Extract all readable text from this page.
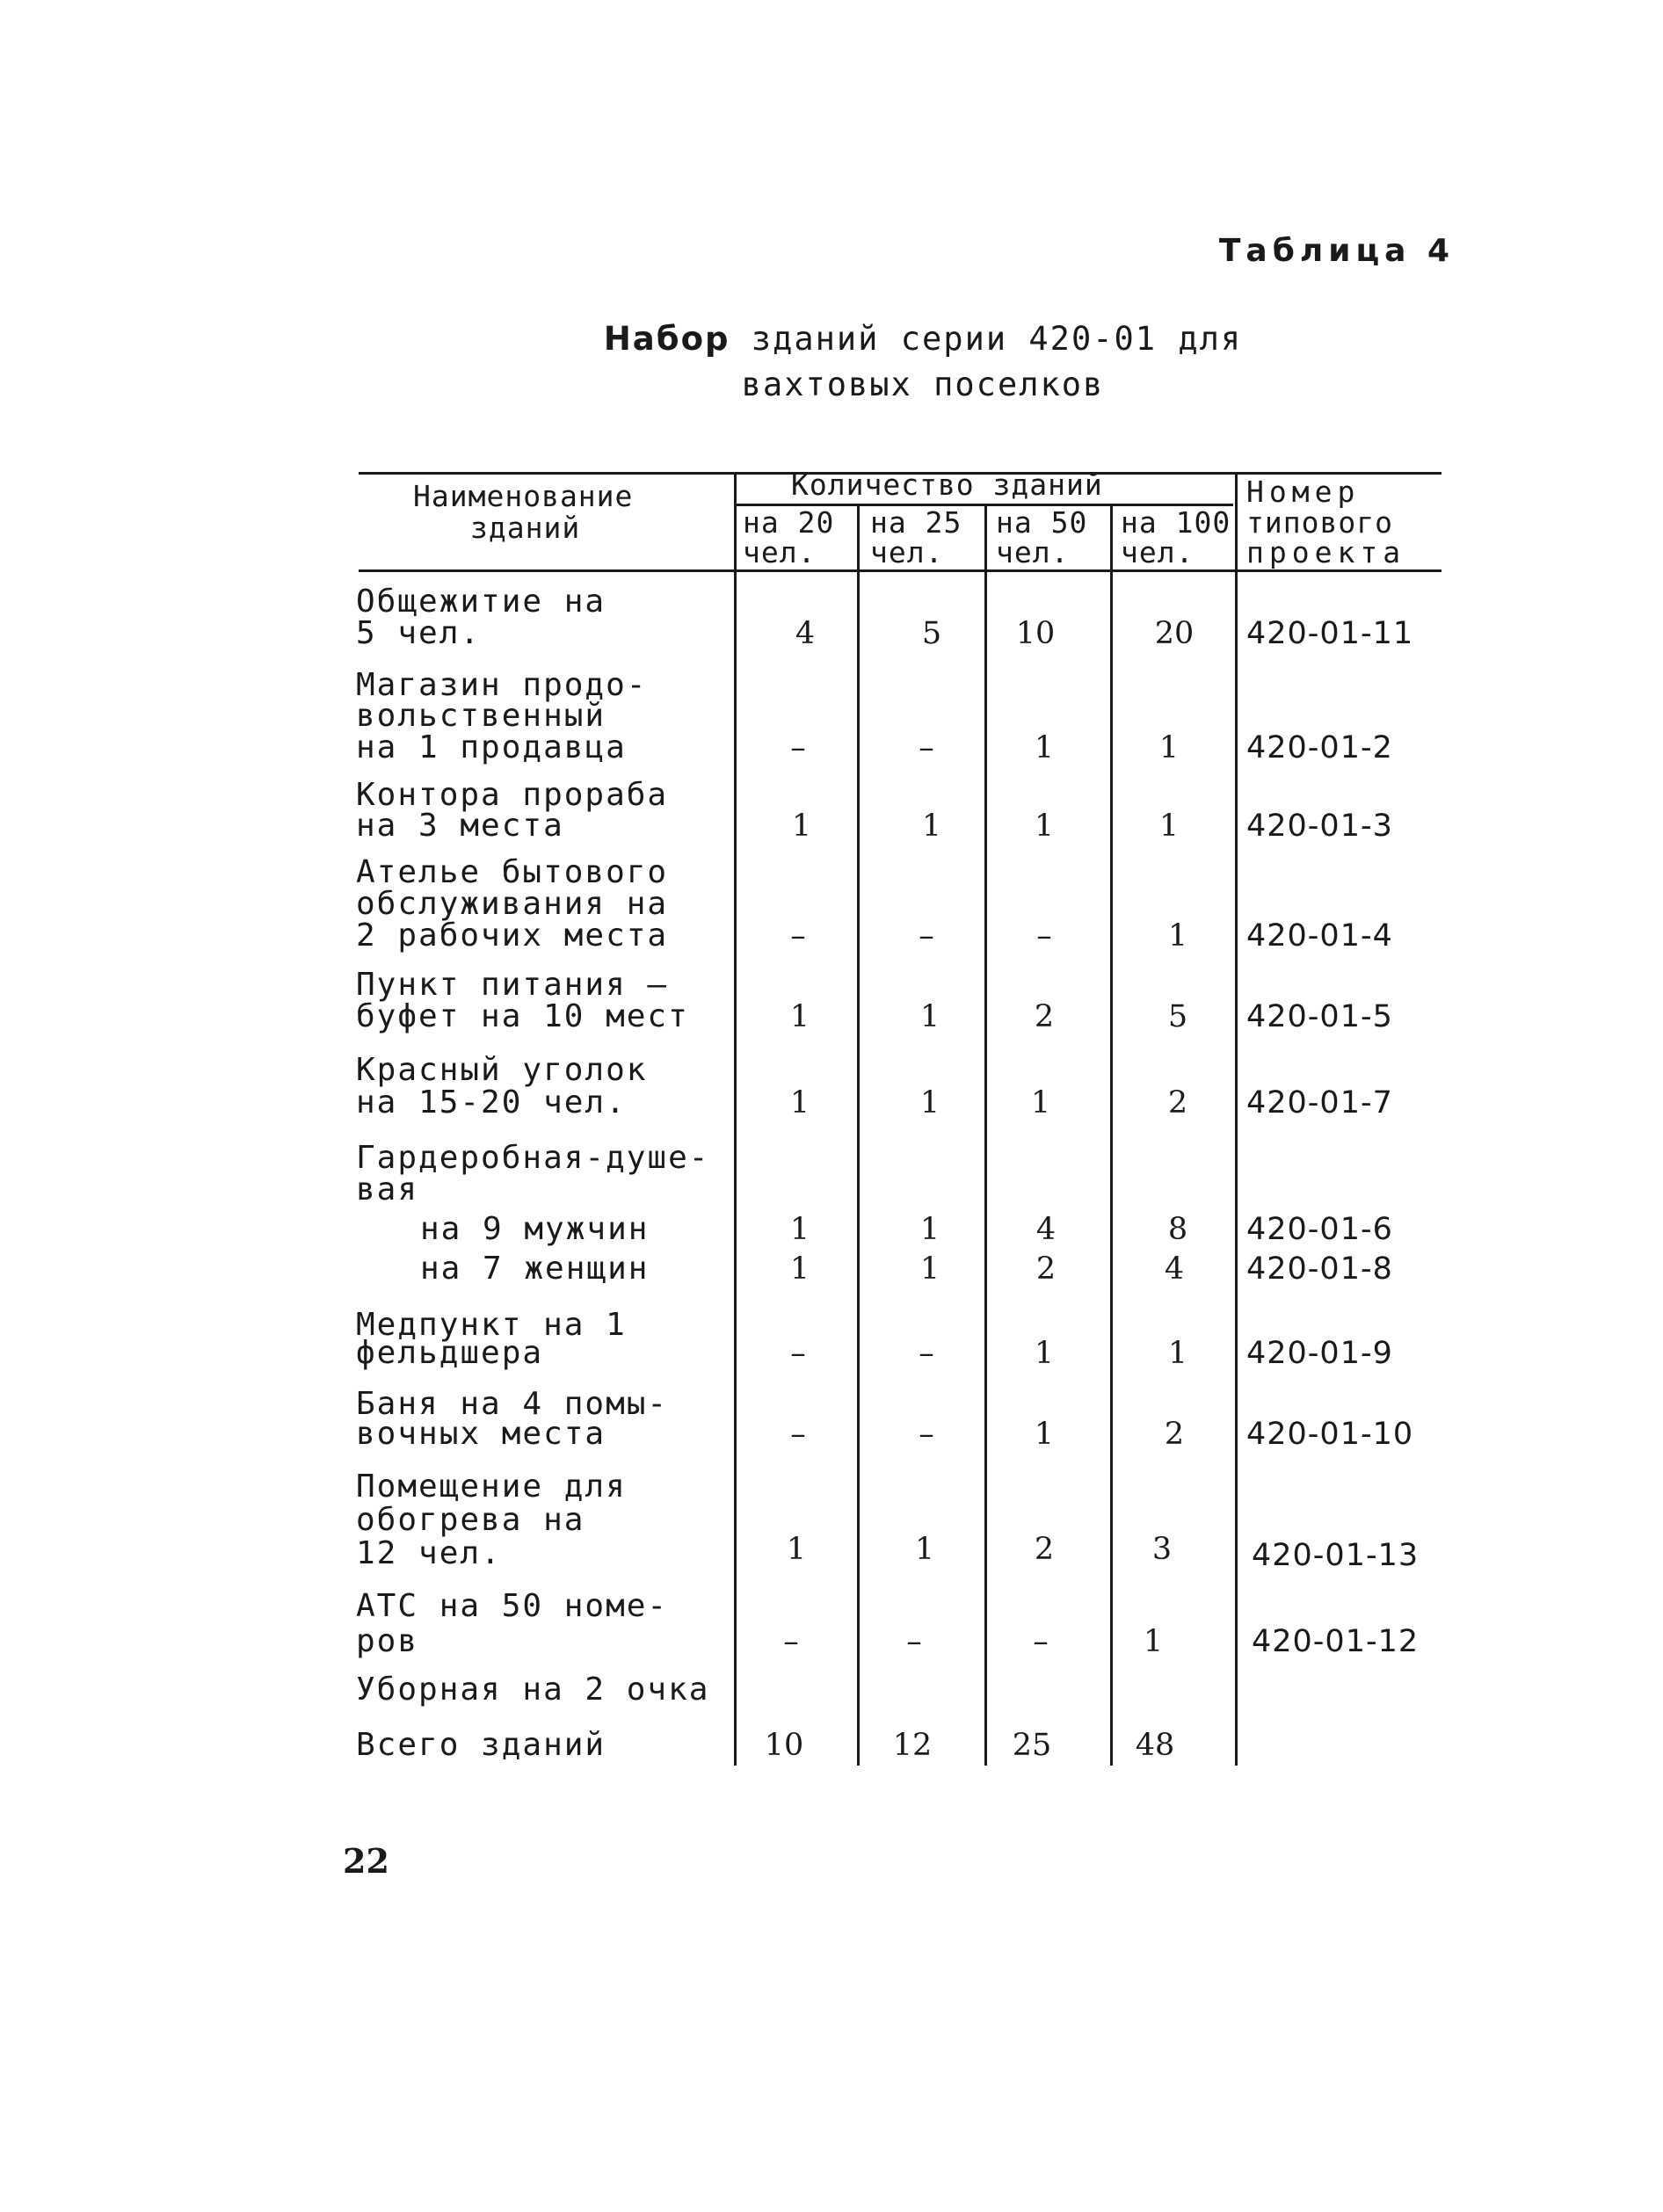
Таблица 4
Набор зданий серии 420-01 для
вахтовых поселков
Наименование
зданий
Количество зданий
на 20
чел.
на 25
чел.
на 50
чел.
на 100
чел.
Номер
типового
проекта
Общежитие на
5 чел.	4	5	10	20	420-01-11
Магазин продо-
вольственный
на 1 продавца	–	–	1	1	420-01-2
Контора прораба
на 3 места	1	1	1	1	420-01-3
Ателье бытового
обслуживания на
2 рабочих места	–	–	–	1	420-01-4
Пункт питания –
буфет на 10 мест	1	1	2	5	420-01-5
Красный уголок
на 15-20 чел.	1	1	1	2	420-01-7
Гардеробная-душе-
вая
на 9 мужчин	1	1	4	8	420-01-6
на 7 женщин	1	1	2	4	420-01-8
Медпункт на 1
фельдшера	–	–	1	1	420-01-9
Баня на 4 помы-
вочных места	–	–	1	2	420-01-10
Помещение для
обогрева на
12 чел.	1	1	2	3	420-01-13
АТС на 50 номе-
ров	–	–	–	1	420-01-12
Уборная на 2 очка
Всего зданий	10	12	25	48
22
